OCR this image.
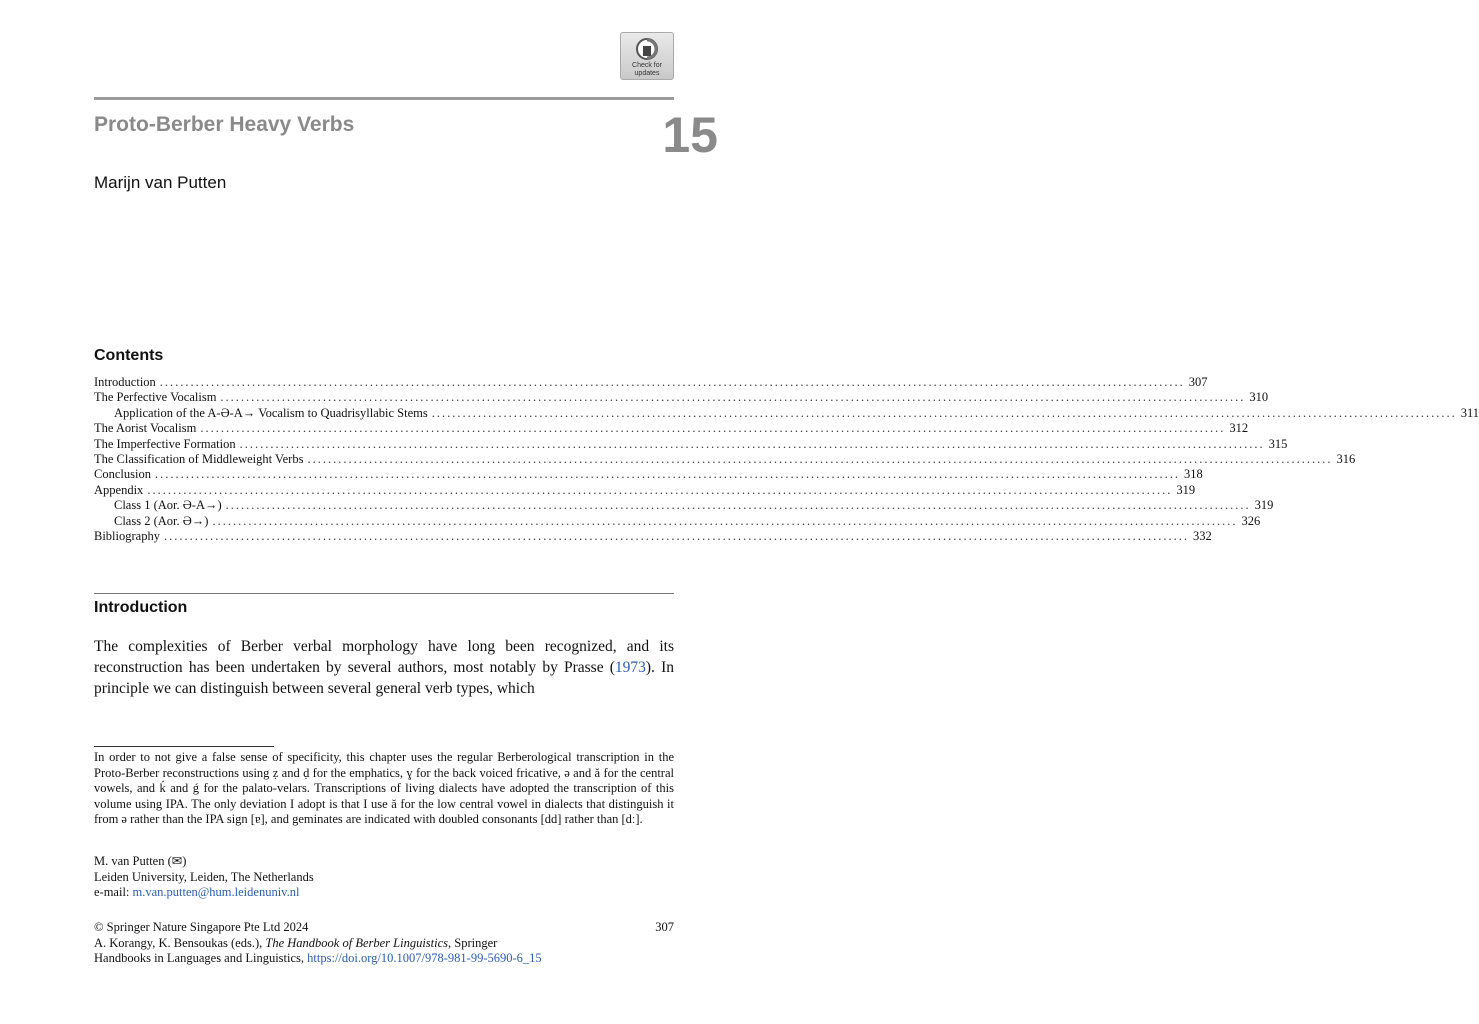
Check for
updates
Proto-Berber Heavy Verbs	15
Marijn van Putten
Contents
Introduction ........................................................................................................................................................................................................ 307
The Perfective Vocalism ........................................................................................................................................................................................................ 310
Application of the A-Ə-A→ Vocalism to Quadrisyllabic Stems ........................................................................................................................................................................................................ 311
The Aorist Vocalism ........................................................................................................................................................................................................ 312
The Imperfective Formation ........................................................................................................................................................................................................ 315
The Classification of Middleweight Verbs ........................................................................................................................................................................................................ 316
Conclusion ........................................................................................................................................................................................................ 318
Appendix ........................................................................................................................................................................................................ 319
Class 1 (Aor. Ə-A→) ........................................................................................................................................................................................................ 319
Class 2 (Aor. Ə→) ........................................................................................................................................................................................................ 326
Bibliography ........................................................................................................................................................................................................ 332
Introduction
The complexities of Berber verbal morphology have long been recognized, and its reconstruction has been undertaken by several authors, most notably by Prasse (1973). In principle we can distinguish between several general verb types, which

In order to not give a false sense of specificity, this chapter uses the regular Berberological transcription in the Proto-Berber reconstructions using ẓ and ḍ for the emphatics, ɣ for the back voiced fricative, ə and ă for the central vowels, and ḱ and ǵ for the palato-velars. Transcriptions of living dialects have adopted the transcription of this volume using IPA. The only deviation I adopt is that I use ă for the low central vowel in dialects that distinguish it from ə rather than the IPA sign [ɐ], and geminates are indicated with doubled consonants [dd] rather than [dː].

M. van Putten (✉)
Leiden University, Leiden, The Netherlands
e-mail: m.van.putten@hum.leidenuniv.nl
© Springer Nature Singapore Pte Ltd 2024
A. Korangy, K. Bensoukas (eds.), The Handbook of Berber Linguistics, Springer
Handbooks in Languages and Linguistics, https://doi.org/10.1007/978-981-99-5690-6_15
307
